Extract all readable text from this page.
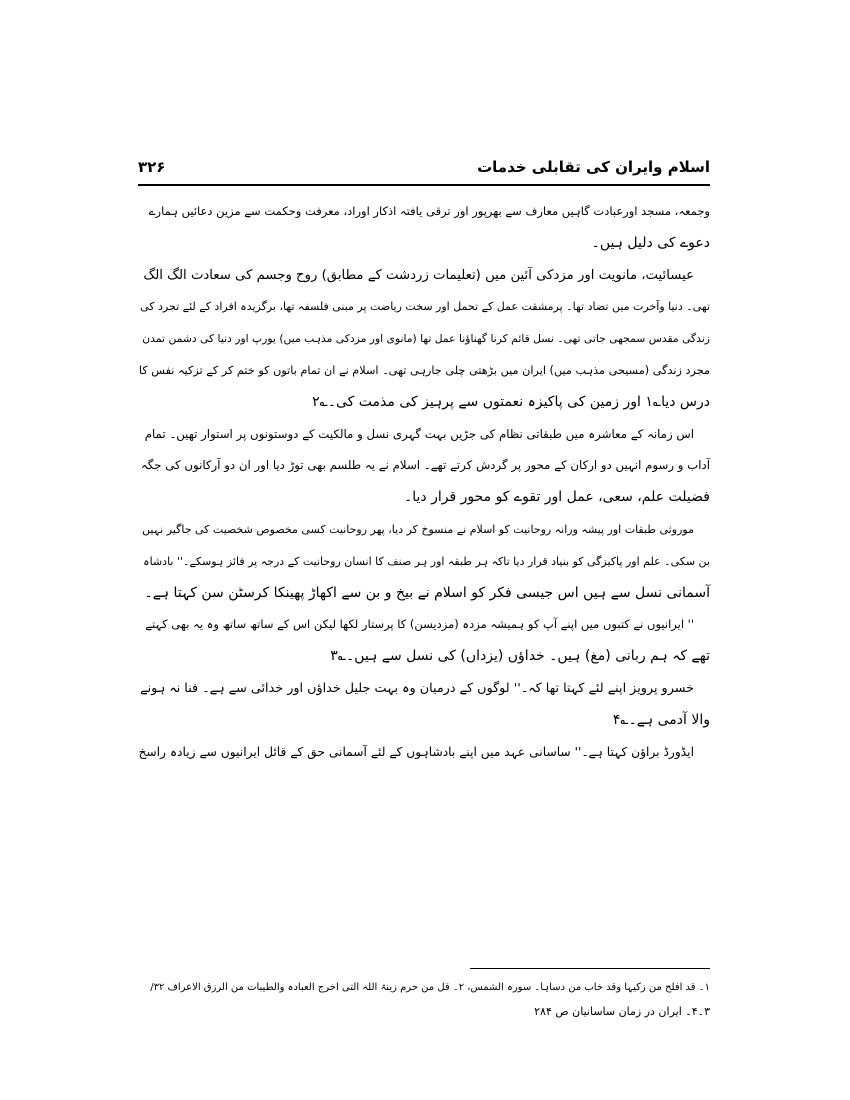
اسلام وایران کی تقابلی خدمات
۳۲۶

وجمعہ، مسجد اورعبادت گاہیں معارف سے بھرپور اور ترقی یافتہ اذکار اوراد، معرفت وحکمت سے مزین دعائیں ہمارے
دعوے کی دلیل ہیں۔

عیسائیت، مانویت اور مزدکی آئین میں (تعلیمات زردشت کے مطابق) روح وجسم کی سعادت الگ الگ
تھی۔ دنیا وآخرت میں تضاد تھا۔ پرمشقت عمل کے تحمل اور سخت ریاضت پر مبنی فلسفہ تھا، برگزیدہ افراد کے لئے تجرد کی
زندگی مقدس سمجھی جاتی تھی۔ نسل قائم کرنا گھناؤنا عمل تھا (مانوی اور مزدکی مذہب میں) یورپ اور دنیا کی دشمن تمدن
مجرد زندگی (مسیحی مذہب میں) ایران میں بڑھتی چلی جارہی تھی۔ اسلام نے ان تمام باتوں کو ختم کر کے تزکیہ نفس کا
درس دیا؎۱ اور زمین کی پاکیزہ نعمتوں سے پرہیز کی مذمت کی۔؎۲

اس زمانہ کے معاشرہ میں طبقاتی نظام کی جڑیں بہت گہری نسل و مالکیت کے دوستونوں پر استوار تھیں۔ تمام
آداب و رسوم انہیں دو ارکان کے محور پر گردش کرتے تھے۔ اسلام نے یہ طلسم بھی توڑ دیا اور ان دو آرکانوں کی جگہ
فضیلت علم، سعی، عمل اور تقوے کو محور قرار دیا۔

موروثی طبقات اور پیشہ ورانہ روحانیت کو اسلام نے منسوخ کر دیا، پھر روحانیت کسی مخصوص شخصیت کی جاگیر نہیں
بن سکی۔ علم اور پاکیزگی کو بنیاد قرار دیا تاکہ ہر طبقہ اور ہر صنف کا انسان روحانیت کے درجہ پر فائز ہوسکے۔'' بادشاہ
آسمانی نسل سے ہیں اس جیسی فکر کو اسلام نے بیخ و بن سے اکھاڑ پھینکا کرسٹن سن کہتا ہے۔

'' ایرانیوں نے کتبوں میں اپنے آپ کو ہمیشہ مزدہ (مزدیسن) کا پرستار لکھا لیکن اس کے ساتھ ساتھ وہ یہ بھی کہتے
تھے کہ ہم ربانی (مغ) ہیں۔ خداؤں (یزداں) کی نسل سے ہیں۔؎۳

خسرو پرویز اپنے لئے کہتا تھا کہ۔'' لوگوں کے درمیان وہ بہت جلیل خداؤں اور خدائی سے ہے۔ فنا نہ ہونے
والا آدمی ہے۔؎۴

ایڈورڈ براؤن کہتا ہے۔'' ساسانی عہد میں اپنے بادشاہوں کے لئے آسمانی حق کے قائل ایرانیوں سے زیادہ راسخ

۱۔ قد افلح من زکیہا وقد خاب من دساہا۔ سورہ الشمس، ۲۔ قل من حرم زینۃ اللہ التی اخرج العبادہ والطیبات من الرزق الاعراف ۳۲/
۳۔۴۔ ایران در زمان ساسانیان ص ۲۸۴
